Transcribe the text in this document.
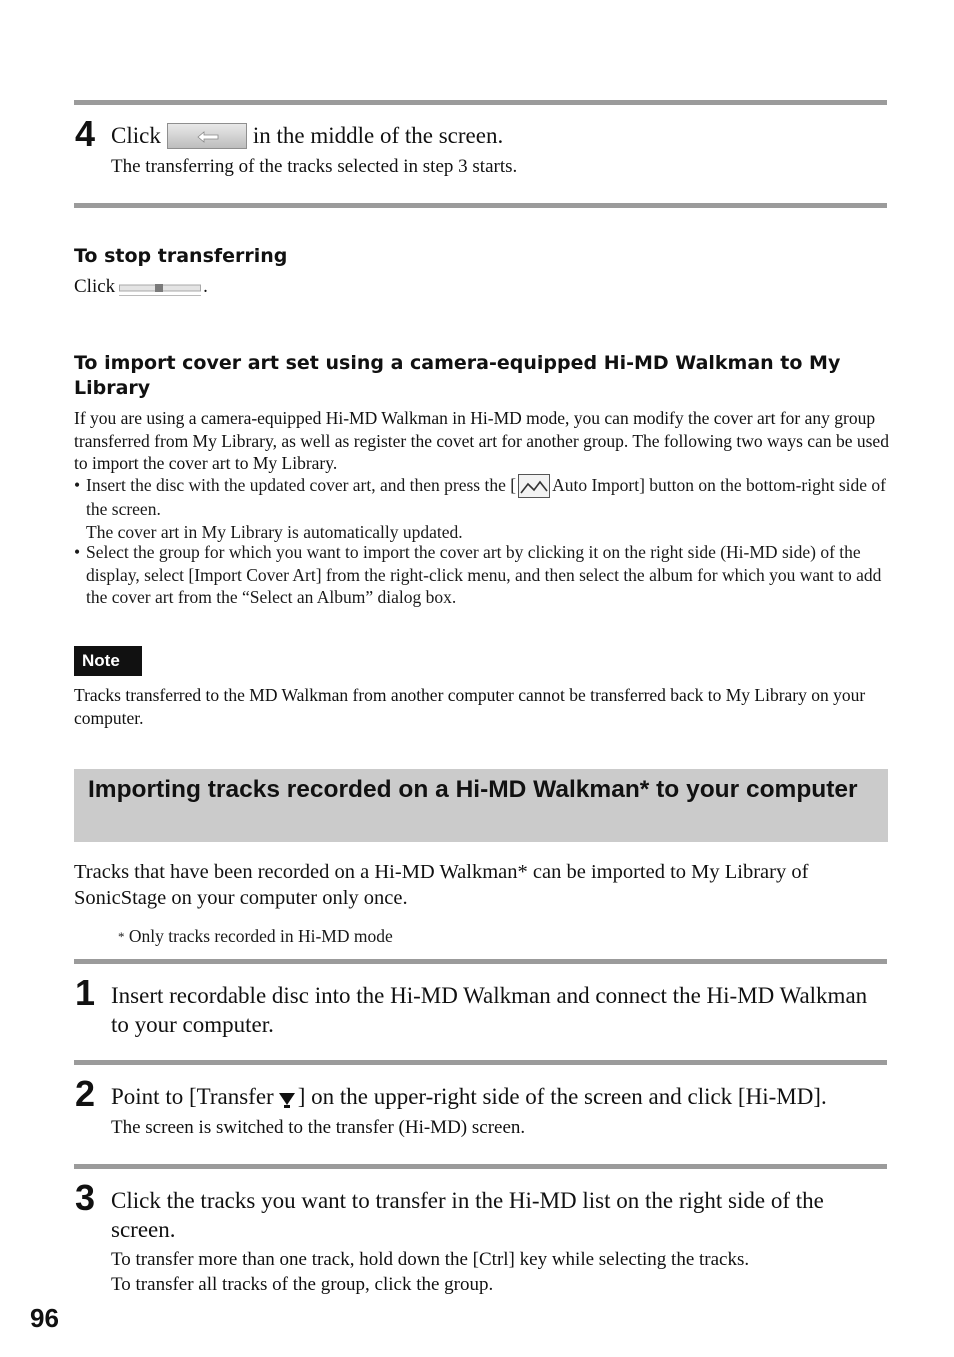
4 Click	in the middle of the screen.
The transferring of the tracks selected in step 3 starts.
To stop transferring
Click	.
To import cover art set using a camera-equipped Hi-MD Walkman to My Library
If you are using a camera-equipped Hi-MD Walkman in Hi-MD mode, you can modify the cover art for any group transferred from My Library, as well as register the covet art for another group. The following two ways can be used to import the cover art to My Library.
• Insert the disc with the updated cover art, and then press the [ Auto Import] button on the bottom-right side of the screen.
The cover art in My Library is automatically updated.
• Select the group for which you want to import the cover art by clicking it on the right side (Hi-MD side) of the display, select [Import Cover Art] from the right-click menu, and then select the album for which you want to add the cover art from the “Select an Album” dialog box.
Note
Tracks transferred to the MD Walkman from another computer cannot be transferred back to My Library on your computer.
Importing tracks recorded on a Hi-MD Walkman* to your computer
Tracks that have been recorded on a Hi-MD Walkman* can be imported to My Library of SonicStage on your computer only once.
* Only tracks recorded in Hi-MD mode
1 Insert recordable disc into the Hi-MD Walkman and connect the Hi-MD Walkman to your computer.
2 Point to [Transfer ] on the upper-right side of the screen and click [Hi-MD].
The screen is switched to the transfer (Hi-MD) screen.
3 Click the tracks you want to transfer in the Hi-MD list on the right side of the screen.
To transfer more than one track, hold down the [Ctrl] key while selecting the tracks.
To transfer all tracks of the group, click the group.
96
